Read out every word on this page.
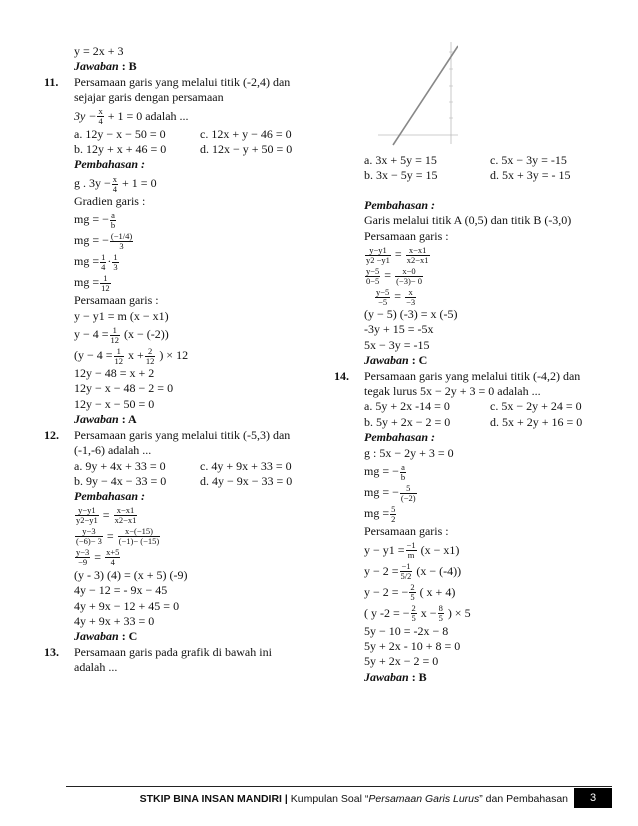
y = 2x + 3
Jawaban : B
11. Persamaan garis yang melalui titik (-2,4) dan
sejajar garis dengan persamaan
$3y - \frac{x}{4} + 1 = 0$ adalah ...
a. 12y − x − 50 = 0	c. 12x + y − 46 = 0
b. 12y + x + 46 = 0	d. 12x − y + 50 = 0
Pembahasan :
g . $3y - \frac{x}{4} + 1 = 0$
Gradien garis :
mg = − $\frac{a}{b}$
mg = − $\frac{(-1/4)}{3}$
mg = $\frac{1}{4} \cdot \frac{1}{3}$
mg = $\frac{1}{12}$
Persamaan garis :
y − y1 = m (x − x1)
$y - 4 = \frac{1}{12} (x - (-2))$
($y - 4 = \frac{1}{12}$ $x + \frac{2}{12}$ ) × 12
12y − 48 = x + 2
12y − x − 48 − 2 = 0
12y − x − 50 = 0
Jawaban : A
12. Persamaan garis yang melalui titik (-5,3) dan
(-1,-6) adalah ...
a. 9y + 4x + 33 = 0	c. 4y + 9x + 33 = 0
b. 9y − 4x − 33 = 0	d. 4y − 9x − 33 = 0
Pembahasan :
$\frac{y-y1}{y2-y1} = \frac{x-x1}{x2-x1}$
$\frac{y-3}{(-6)- 3} = \frac{x-(-15)}{(-1)- (-15)}$
$\frac{y-3}{-9} = \frac{x+5}{4}$
(y - 3) (4) = (x + 5) (-9)
4y − 12 = - 9x − 45
4y + 9x − 12 + 45 = 0
4y + 9x + 33 = 0
Jawaban : C
13. Persamaan garis pada grafik di bawah ini
adalah ...
a. 3x + 5y = 15	c. 5x − 3y = -15
b. 3x − 5y = 15	d. 5x + 3y = - 15
Pembahasan :
Garis melalui titik A (0,5) dan titik B (-3,0)
Persamaan garis :
$\frac{y-y1}{y2 -y1} = \frac{x-x1}{x2-x1}$
$\frac{y-5}{0-5} = \frac{x-0}{(-3)- 0}$
$\frac{y-5}{-5} = \frac{x}{-3}$
(y − 5) (-3) = x (-5)
-3y + 15 = -5x
5x − 3y = -15
Jawaban : C
14. Persamaan garis yang melalui titik (-4,2) dan
tegak lurus 5x − 2y + 3 = 0 adalah ...
a. 5y + 2x -14 = 0	c. 5x − 2y + 24 = 0
b. 5y + 2x − 2 = 0	d. 5x + 2y + 16 = 0
Pembahasan :
g : 5x − 2y + 3 = 0
mg = − $\frac{a}{b}$
mg = − $\frac{5}{(-2)}$
mg = $\frac{5}{2}$
Persamaan garis :
$y - y1 = \frac{-1}{m} (x - x1)$
$y - 2 = \frac{-1}{5/2} (x - (-4))$
y − 2 = − $\frac{2}{5}$ ( x + 4)
( y -2 = − $\frac{2}{5}$ $x - \frac{8}{5}$ ) × 5
5y − 10 = -2x − 8
5y + 2x - 10 + 8 = 0
5y + 2x − 2 = 0
Jawaban : B
STKIP BINA INSAN MANDIRI | Kumpulan Soal “Persamaan Garis Lurus” dan Pembahasan	3
